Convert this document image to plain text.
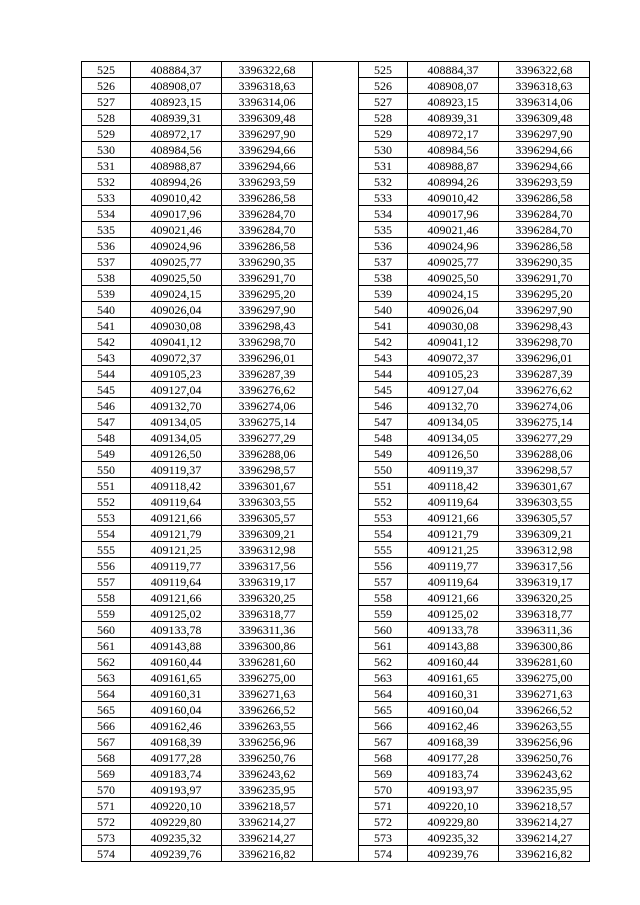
525	408884,37	3396322,68		525	408884,37	3396322,68
526	408908,07	3396318,63		526	408908,07	3396318,63
527	408923,15	3396314,06		527	408923,15	3396314,06
528	408939,31	3396309,48		528	408939,31	3396309,48
529	408972,17	3396297,90		529	408972,17	3396297,90
530	408984,56	3396294,66		530	408984,56	3396294,66
531	408988,87	3396294,66		531	408988,87	3396294,66
532	408994,26	3396293,59		532	408994,26	3396293,59
533	409010,42	3396286,58		533	409010,42	3396286,58
534	409017,96	3396284,70		534	409017,96	3396284,70
535	409021,46	3396284,70		535	409021,46	3396284,70
536	409024,96	3396286,58		536	409024,96	3396286,58
537	409025,77	3396290,35		537	409025,77	3396290,35
538	409025,50	3396291,70		538	409025,50	3396291,70
539	409024,15	3396295,20		539	409024,15	3396295,20
540	409026,04	3396297,90		540	409026,04	3396297,90
541	409030,08	3396298,43		541	409030,08	3396298,43
542	409041,12	3396298,70		542	409041,12	3396298,70
543	409072,37	3396296,01		543	409072,37	3396296,01
544	409105,23	3396287,39		544	409105,23	3396287,39
545	409127,04	3396276,62		545	409127,04	3396276,62
546	409132,70	3396274,06		546	409132,70	3396274,06
547	409134,05	3396275,14		547	409134,05	3396275,14
548	409134,05	3396277,29		548	409134,05	3396277,29
549	409126,50	3396288,06		549	409126,50	3396288,06
550	409119,37	3396298,57		550	409119,37	3396298,57
551	409118,42	3396301,67		551	409118,42	3396301,67
552	409119,64	3396303,55		552	409119,64	3396303,55
553	409121,66	3396305,57		553	409121,66	3396305,57
554	409121,79	3396309,21		554	409121,79	3396309,21
555	409121,25	3396312,98		555	409121,25	3396312,98
556	409119,77	3396317,56		556	409119,77	3396317,56
557	409119,64	3396319,17		557	409119,64	3396319,17
558	409121,66	3396320,25		558	409121,66	3396320,25
559	409125,02	3396318,77		559	409125,02	3396318,77
560	409133,78	3396311,36		560	409133,78	3396311,36
561	409143,88	3396300,86		561	409143,88	3396300,86
562	409160,44	3396281,60		562	409160,44	3396281,60
563	409161,65	3396275,00		563	409161,65	3396275,00
564	409160,31	3396271,63		564	409160,31	3396271,63
565	409160,04	3396266,52		565	409160,04	3396266,52
566	409162,46	3396263,55		566	409162,46	3396263,55
567	409168,39	3396256,96		567	409168,39	3396256,96
568	409177,28	3396250,76		568	409177,28	3396250,76
569	409183,74	3396243,62		569	409183,74	3396243,62
570	409193,97	3396235,95		570	409193,97	3396235,95
571	409220,10	3396218,57		571	409220,10	3396218,57
572	409229,80	3396214,27		572	409229,80	3396214,27
573	409235,32	3396214,27		573	409235,32	3396214,27
574	409239,76	3396216,82		574	409239,76	3396216,82
